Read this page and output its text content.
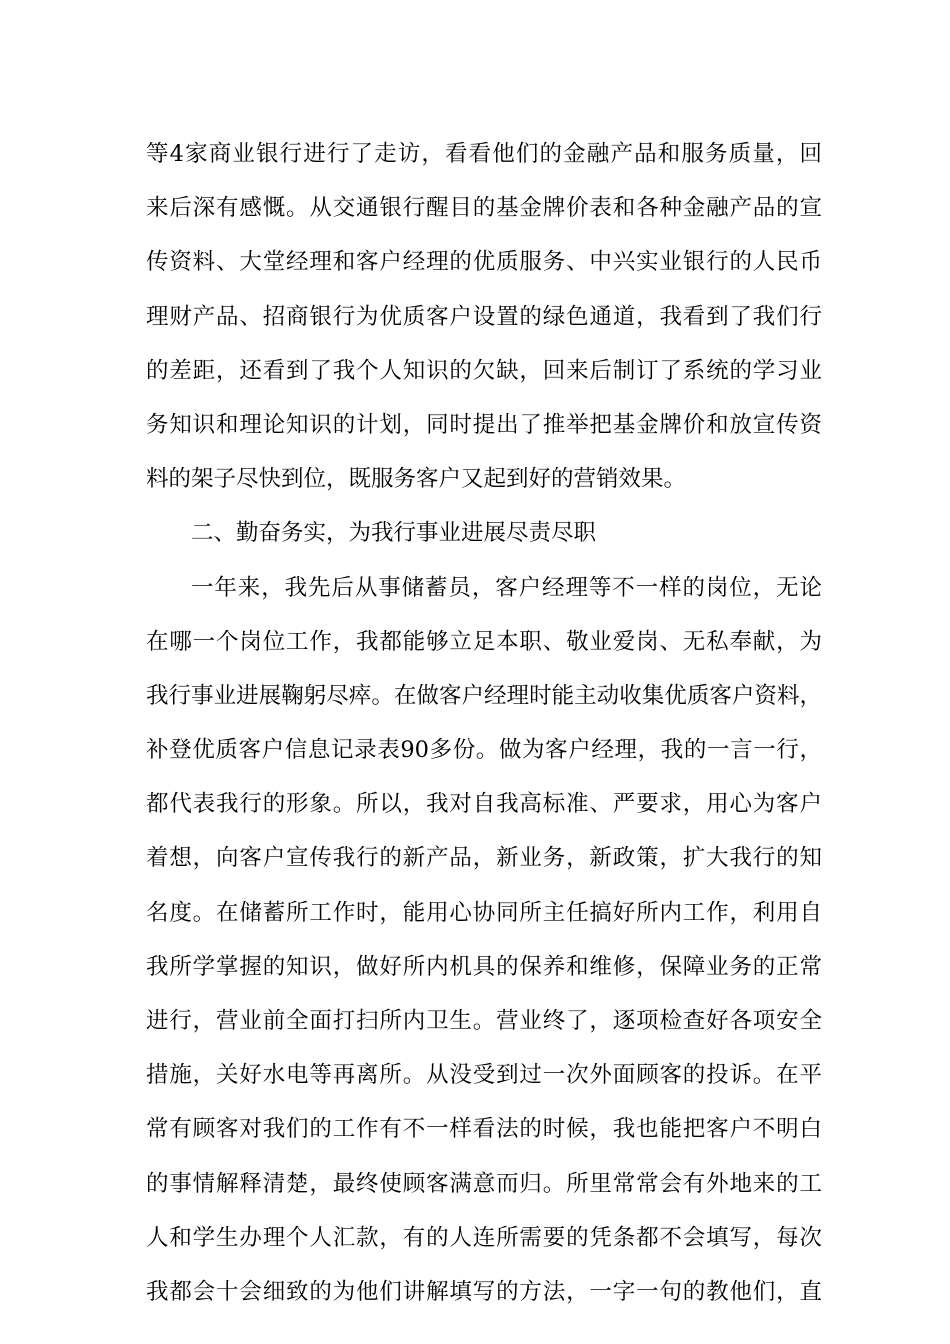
等4家商业银行进行了走访，看看他们的金融产品和服务质量，回
来后深有感慨。从交通银行醒目的基金牌价表和各种金融产品的宣
传资料、大堂经理和客户经理的优质服务、中兴实业银行的人民币
理财产品、招商银行为优质客户设置的绿色通道，我看到了我们行
的差距，还看到了我个人知识的欠缺，回来后制订了系统的学习业
务知识和理论知识的计划，同时提出了推举把基金牌价和放宣传资
料的架子尽快到位，既服务客户又起到好的营销效果。
二、勤奋务实，为我行事业进展尽责尽职
一年来，我先后从事储蓄员，客户经理等不一样的岗位，无论
在哪一个岗位工作，我都能够立足本职、敬业爱岗、无私奉献，为
我行事业进展鞠躬尽瘁。在做客户经理时能主动收集优质客户资料，
补登优质客户信息记录表90多份。做为客户经理，我的一言一行，
都代表我行的形象。所以，我对自我高标准、严要求，用心为客户
着想，向客户宣传我行的新产品，新业务，新政策，扩大我行的知
名度。在储蓄所工作时，能用心协同所主任搞好所内工作，利用自
我所学掌握的知识，做好所内机具的保养和维修，保障业务的正常
进行，营业前全面打扫所内卫生。营业终了，逐项检查好各项安全
措施，关好水电等再离所。从没受到过一次外面顾客的投诉。在平
常有顾客对我们的工作有不一样看法的时候，我也能把客户不明白
的事情解释清楚，最终使顾客满意而归。所里常常会有外地来的工
人和学生办理个人汇款，有的人连所需要的凭条都不会填写，每次
我都会十会细致的为他们讲解填写的方法，一字一句的教他们，直
